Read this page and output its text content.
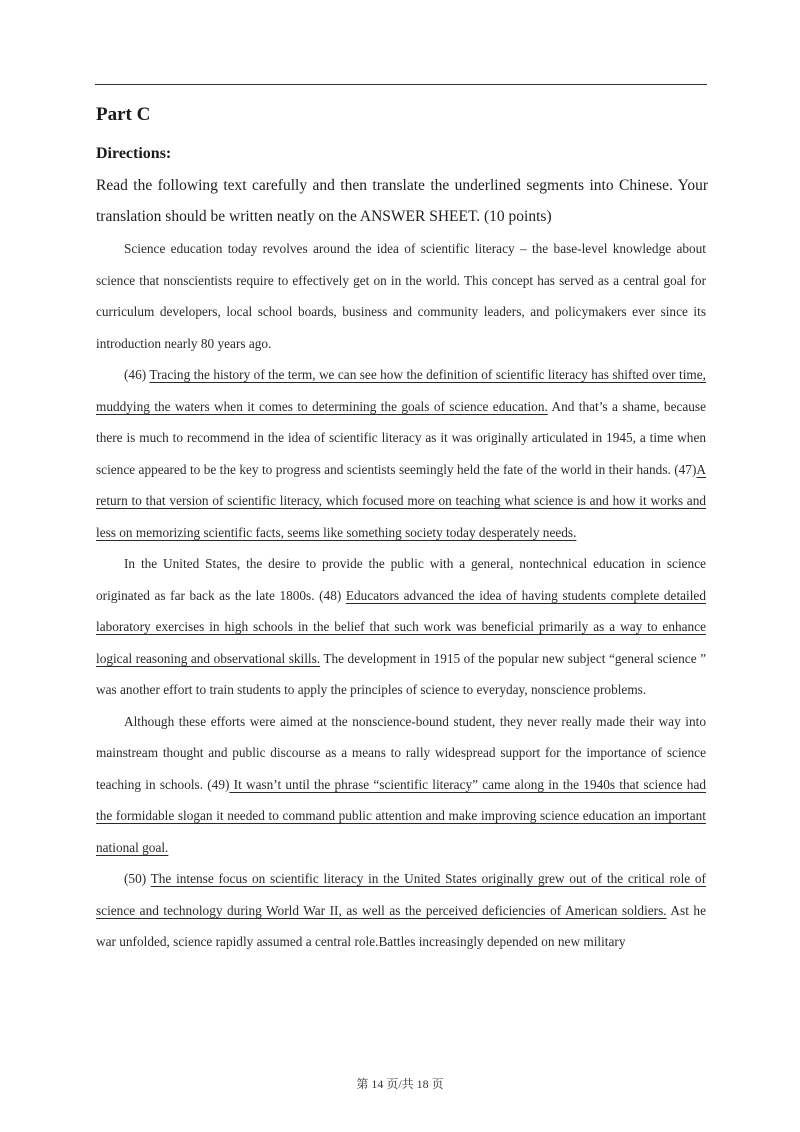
Part C
Directions:
Read the following text carefully and then translate the underlined segments into Chinese. Your translation should be written neatly on the ANSWER SHEET. (10 points)

Science education today revolves around the idea of scientific literacy – the base-level knowledge about science that nonscientists require to effectively get on in the world. This concept has served as a central goal for curriculum developers, local school boards, business and community leaders, and policymakers ever since its introduction nearly 80 years ago.

(46) Tracing the history of the term, we can see how the definition of scientific literacy has shifted over time, muddying the waters when it comes to determining the goals of science education. And that’s a shame, because there is much to recommend in the idea of scientific literacy as it was originally articulated in 1945, a time when science appeared to be the key to progress and scientists seemingly held the fate of the world in their hands. (47)A return to that version of scientific literacy, which focused more on teaching what science is and how it works and less on memorizing scientific facts, seems like something society today desperately needs.

In the United States, the desire to provide the public with a general, nontechnical education in science originated as far back as the late 1800s. (48) Educators advanced the idea of having students complete detailed laboratory exercises in high schools in the belief that such work was beneficial primarily as a way to enhance logical reasoning and observational skills. The development in 1915 of the popular new subject “general science ” was another effort to train students to apply the principles of science to everyday, nonscience problems.

Although these efforts were aimed at the nonscience-bound student, they never really made their way into mainstream thought and public discourse as a means to rally widespread support for the importance of science teaching in schools. (49) It wasn’t until the phrase “scientific literacy” came along in the 1940s that science had the formidable slogan it needed to command public attention and make improving science education an important national goal.

(50) The intense focus on scientific literacy in the United States originally grew out of the critical role of science and technology during World War II, as well as the perceived deficiencies of American soldiers. Ast he war unfolded, science rapidly assumed a central role.Battles increasingly depended on new military

第 14 页/共 18 页
